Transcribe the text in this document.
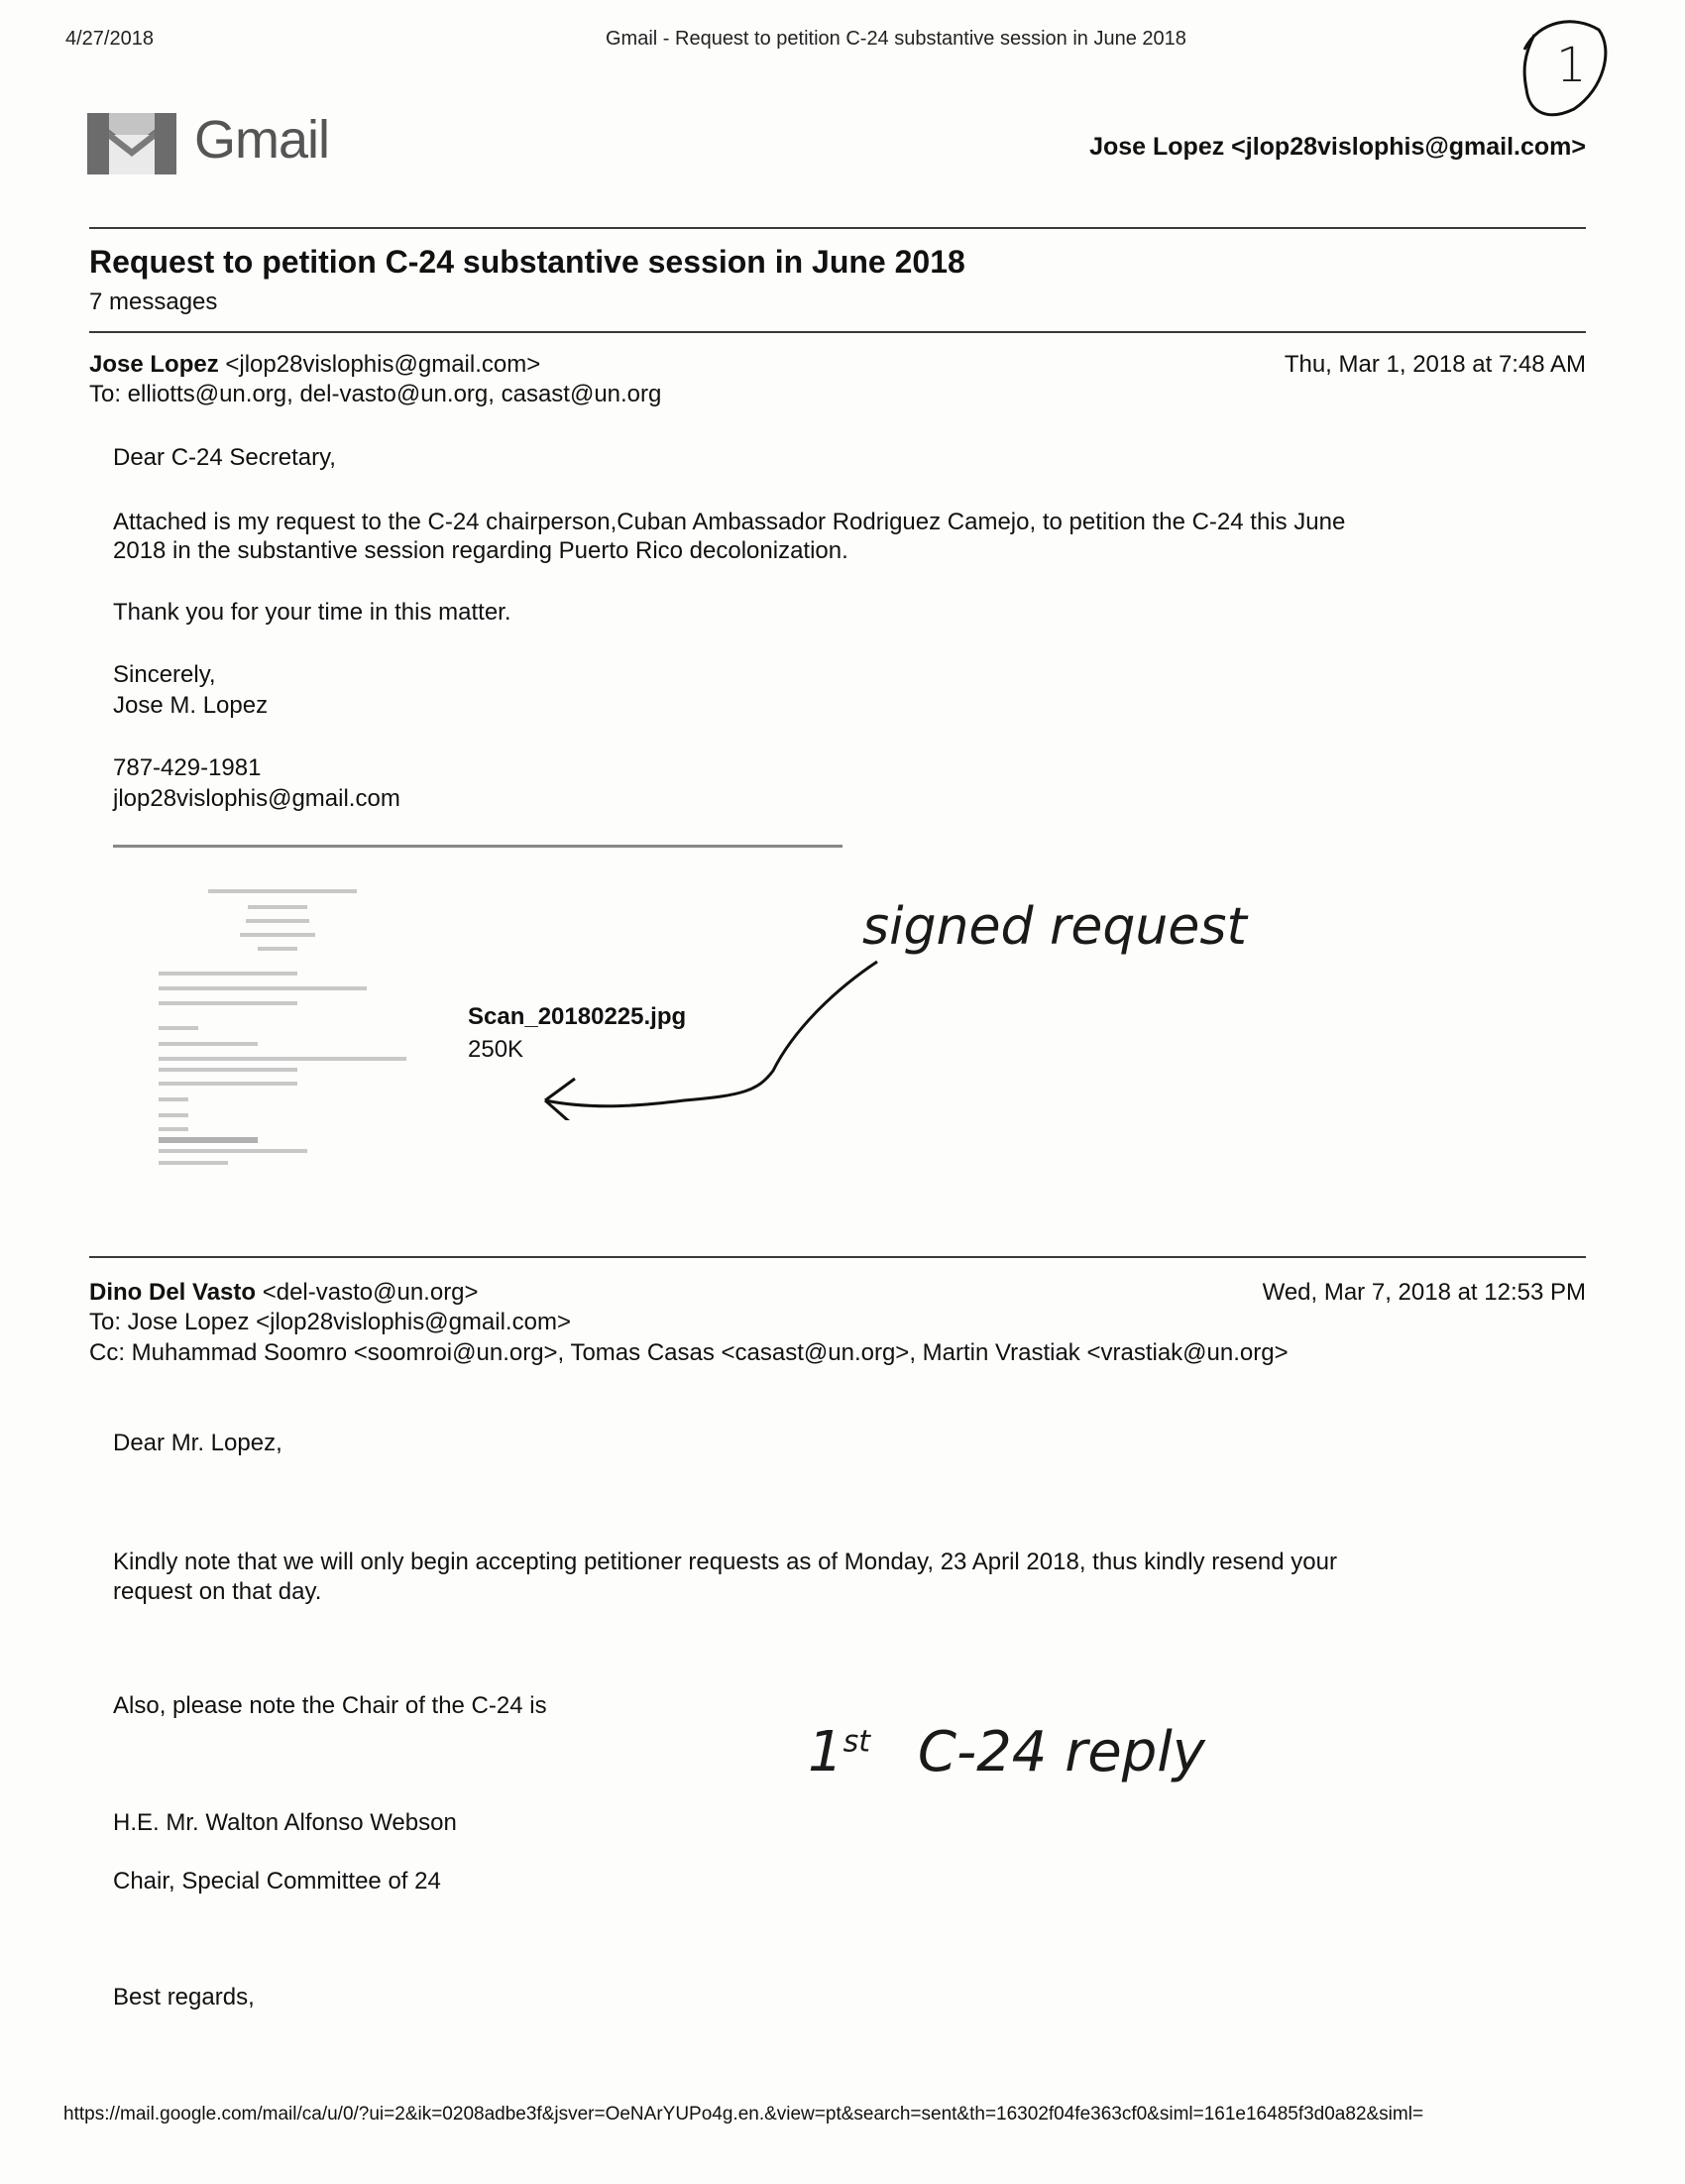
4/27/2018	Gmail - Request to petition C-24 substantive session in June 2018	1
Gmail	Jose Lopez <jlop28vislophis@gmail.com>
Request to petition C-24 substantive session in June 2018
7 messages
Jose Lopez <jlop28vislophis@gmail.com>	Thu, Mar 1, 2018 at 7:48 AM
To: elliotts@un.org, del-vasto@un.org, casast@un.org
Dear C-24 Secretary,
Attached is my request to the C-24 chairperson,Cuban Ambassador Rodriguez Camejo, to petition the C-24 this June
2018 in the substantive session regarding Puerto Rico decolonization.
Thank you for your time in this matter.
Sincerely,
Jose M. Lopez
787-429-1981
jlop28vislophis@gmail.com
Scan_20180225.jpg
250K
signed request
Dino Del Vasto <del-vasto@un.org>	Wed, Mar 7, 2018 at 12:53 PM
To: Jose Lopez <jlop28vislophis@gmail.com>
Cc: Muhammad Soomro <soomroi@un.org>, Tomas Casas <casast@un.org>, Martin Vrastiak <vrastiak@un.org>
Dear Mr. Lopez,
Kindly note that we will only begin accepting petitioner requests as of Monday, 23 April 2018, thus kindly resend your
request on that day.
Also, please note the Chair of the C-24 is
H.E. Mr. Walton Alfonso Webson
Chair, Special Committee of 24
Best regards,
1st C-24 reply
https://mail.google.com/mail/ca/u/0/?ui=2&ik=0208adbe3f&jsver=OeNArYUPo4g.en.&view=pt&search=sent&th=16302f04fe363cf0&siml=161e16485f3d0a82&siml=
